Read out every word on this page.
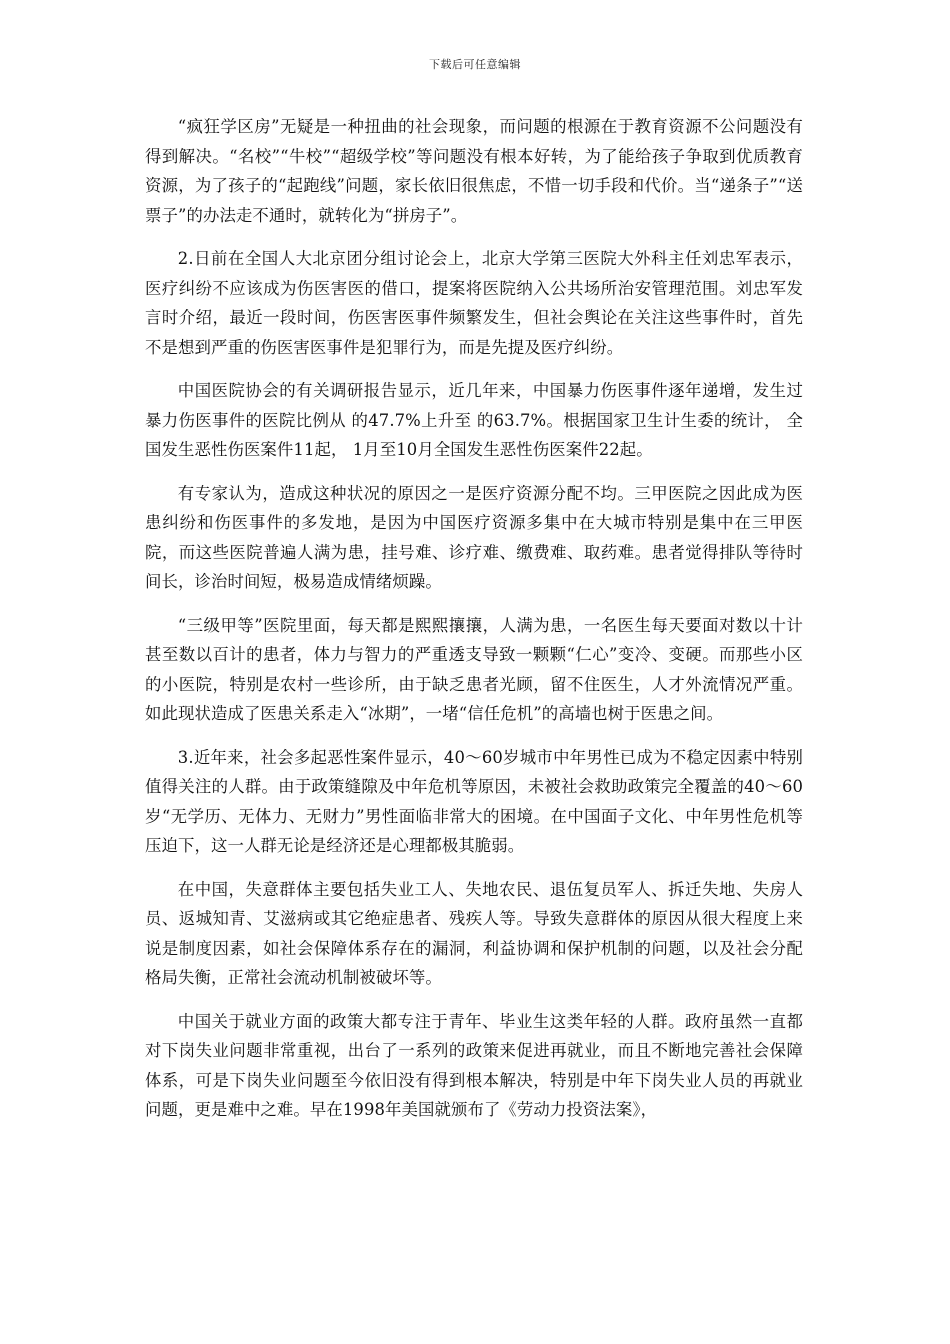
下载后可任意编辑

“疯狂学区房”无疑是一种扭曲的社会现象，而问题的根源在于教育资源不公问题没有得到解决。“名校”“牛校”“超级学校”等问题没有根本好转，为了能给孩子争取到优质教育资源，为了孩子的“起跑线”问题，家长依旧很焦虑，不惜一切手段和代价。当“递条子”“送票子”的办法走不通时，就转化为“拼房子”。

2.日前在全国人大北京团分组讨论会上，北京大学第三医院大外科主任刘忠军表示，医疗纠纷不应该成为伤医害医的借口，提案将医院纳入公共场所治安管理范围。刘忠军发言时介绍，最近一段时间，伤医害医事件频繁发生，但社会舆论在关注这些事件时，首先不是想到严重的伤医害医事件是犯罪行为，而是先提及医疗纠纷。

中国医院协会的有关调研报告显示，近几年来，中国暴力伤医事件逐年递增，发生过暴力伤医事件的医院比例从 的47.7%上升至 的63.7%。根据国家卫生计生委的统计， 全国发生恶性伤医案件11起， 1月至10月全国发生恶性伤医案件22起。

有专家认为，造成这种状况的原因之一是医疗资源分配不均。三甲医院之因此成为医患纠纷和伤医事件的多发地，是因为中国医疗资源多集中在大城市特别是集中在三甲医院，而这些医院普遍人满为患，挂号难、诊疗难、缴费难、取药难。患者觉得排队等待时间长，诊治时间短，极易造成情绪烦躁。

“三级甲等”医院里面，每天都是熙熙攘攘，人满为患，一名医生每天要面对数以十计甚至数以百计的患者，体力与智力的严重透支导致一颗颗“仁心”变冷、变硬。而那些小区的小医院，特别是农村一些诊所，由于缺乏患者光顾，留不住医生，人才外流情况严重。如此现状造成了医患关系走入“冰期”，一堵“信任危机”的高墙也树于医患之间。

3.近年来，社会多起恶性案件显示，40～60岁城市中年男性已成为不稳定因素中特别值得关注的人群。由于政策缝隙及中年危机等原因，未被社会救助政策完全覆盖的40～60岁“无学历、无体力、无财力”男性面临非常大的困境。在中国面子文化、中年男性危机等压迫下，这一人群无论是经济还是心理都极其脆弱。

在中国，失意群体主要包括失业工人、失地农民、退伍复员军人、拆迁失地、失房人员、返城知青、艾滋病或其它绝症患者、残疾人等。导致失意群体的原因从很大程度上来说是制度因素，如社会保障体系存在的漏洞，利益协调和保护机制的问题，以及社会分配格局失衡，正常社会流动机制被破坏等。

中国关于就业方面的政策大都专注于青年、毕业生这类年轻的人群。政府虽然一直都对下岗失业问题非常重视，出台了一系列的政策来促进再就业，而且不断地完善社会保障体系，可是下岗失业问题至今依旧没有得到根本解决，特别是中年下岗失业人员的再就业问题，更是难中之难。早在1998年美国就颁布了《劳动力投资法案》，
